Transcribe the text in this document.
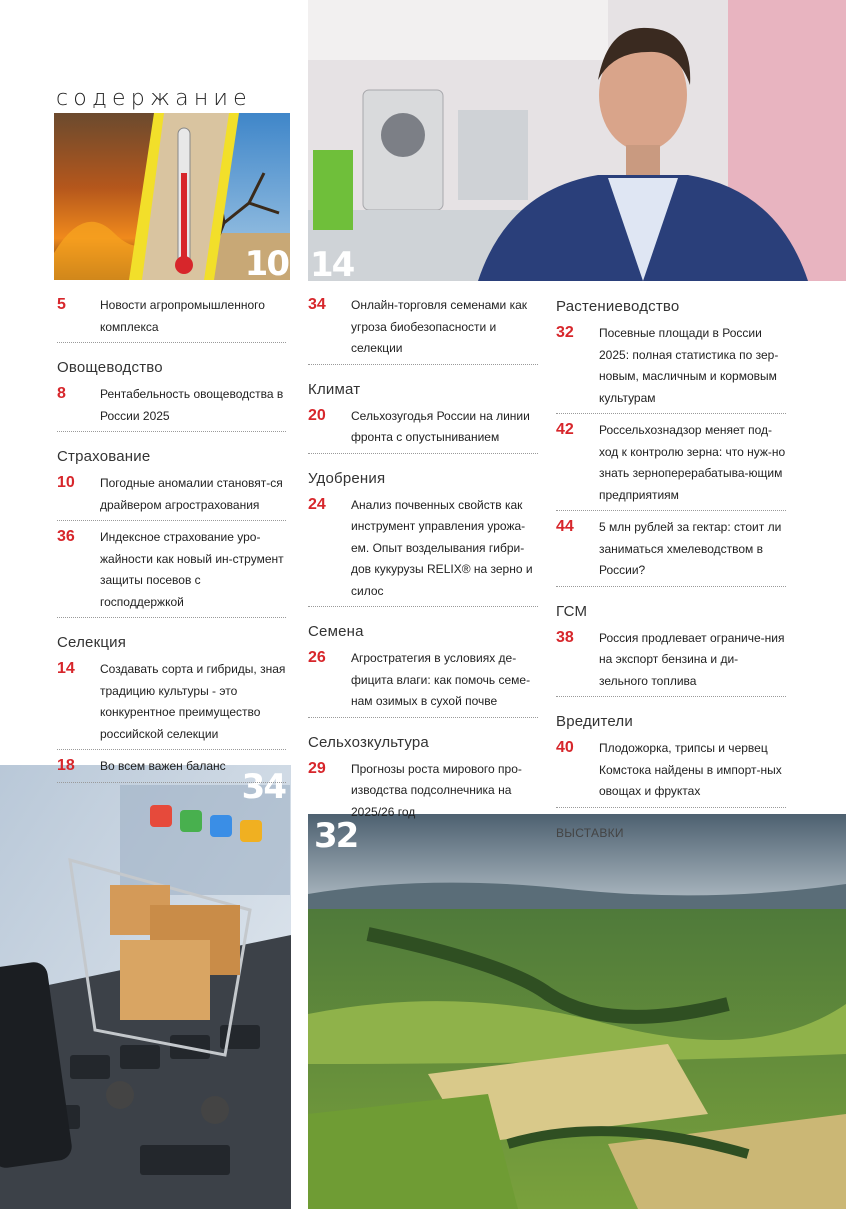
содержание
10 14
34
32
5	Новости агропромышленного комплекса
Овощеводство
8	Рентабельность овощеводства в России 2025
Страхование
10	Погодные аномалии становят-ся драйвером агрострахования
36	Индексное страхование уро-жайности как новый ин-струмент защиты посевов с господдержкой
Селекция
14	Создавать сорта и гибриды, зная традицию культуры - это конкурентное преимущество российской селекции
18	Во всем важен баланс
34	Онлайн-торговля семенами как угроза биобезопасности и селекции
Климат
20	Сельхозугодья России на линии фронта с опустыниванием
Удобрения
24	Анализ почвенных свойств как инструмент управления урожа-ем. Опыт возделывания гибри-дов кукурузы RELIX® на зерно и силос
Семена
26	Агростратегия в условиях де-фицита влаги: как помочь семе-нам озимых в сухой почве
Сельхозкультура
29	Прогнозы роста мирового про-изводства подсолнечника на 2025/26 год
Растениеводство
32	Посевные площади в России 2025: полная статистика по зер-новым, масличным и кормовым культурам
42	Россельхознадзор меняет под-ход к контролю зерна: что нуж-но знать зерноперерабатыва-ющим предприятиям
44	5 млн рублей за гектар: стоит ли заниматься хмелеводством в России?
ГСМ
38	Россия продлевает ограниче-ния на экспорт бензина и ди-зельного топлива
Вредители
40	Плодожорка, трипсы и червец Комстока найдены в импорт-ных овощах и фруктах
ВЫСТАВКИ
